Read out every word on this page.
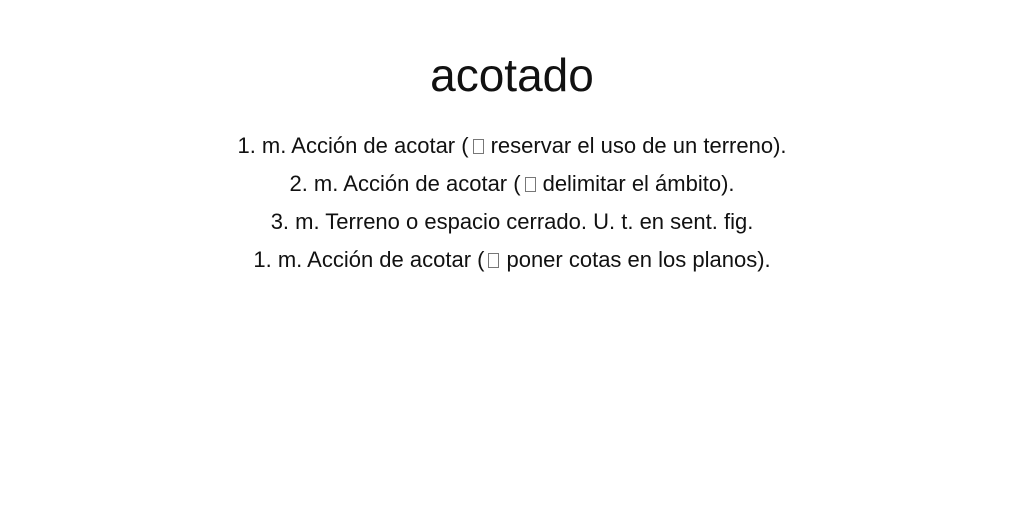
acotado
1. m. Acción de acotar ( reservar el uso de un terreno).
2. m. Acción de acotar ( delimitar el ámbito).
3. m. Terreno o espacio cerrado. U. t. en sent. fig.
1. m. Acción de acotar ( poner cotas en los planos).
